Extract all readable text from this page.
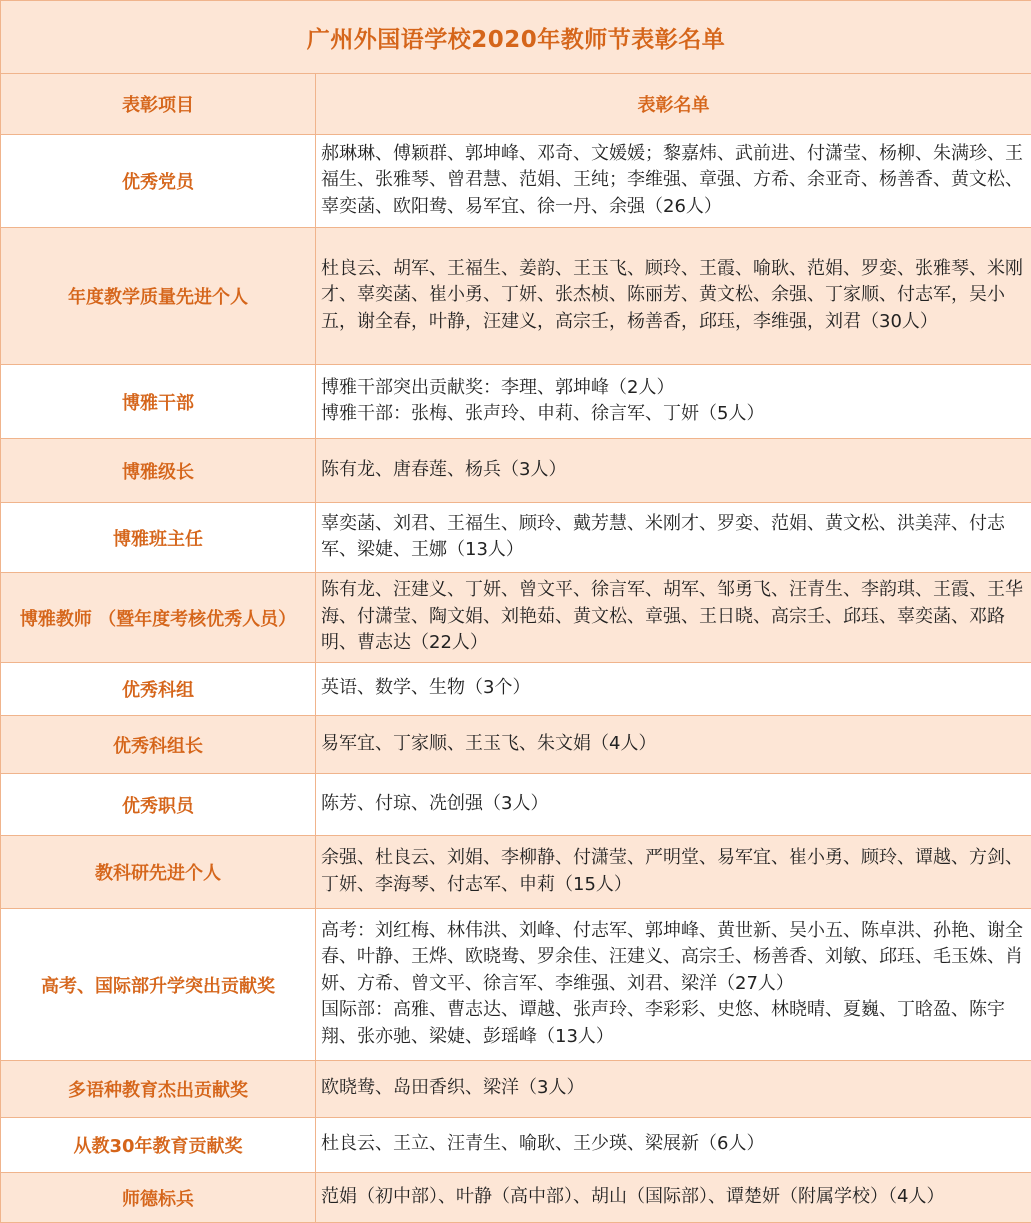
广州外国语学校2020年教师节表彰名单	
表彰项目	表彰名单
优秀党员	郝琳琳、傅颖群、郭坤峰、邓奇、文媛媛；黎嘉炜、武前进、付潇莹、杨柳、朱满珍、王福生、张雅琴、曾君慧、范娟、王纯；李维强、章强、方希、余亚奇、杨善香、黄文松、辜奕菡、欧阳鸯、易军宜、徐一丹、余强（26人）

年度教学质量先进个人	杜良云、胡军、王福生、姜韵、王玉飞、顾玲、王霞、喻耿、范娟、罗娈、张雅琴、米刚才、辜奕菡、崔小勇、丁妍、张杰桢、陈丽芳、黄文松、余强、丁家顺、付志军，吴小五，谢全春，叶静，汪建义，高宗壬，杨善香，邱珏，李维强，刘君（30人）

博雅干部	博雅干部突出贡献奖：李理、郭坤峰（2人）
博雅干部：张梅、张声玲、申莉、徐言军、丁妍（5人）

博雅级长	陈有龙、唐春莲、杨兵（3人）

博雅班主任	辜奕菡、刘君、王福生、顾玲、戴芳慧、米刚才、罗娈、范娟、黄文松、洪美萍、付志军、梁婕、王娜（13人）

博雅教师 （暨年度考核优秀人员）	陈有龙、汪建义、丁妍、曾文平、徐言军、胡军、邹勇飞、汪青生、李韵琪、王霞、王华海、付潇莹、陶文娟、刘艳茹、黄文松、章强、王日晓、高宗壬、邱珏、辜奕菡、邓路明、曹志达（22人）

优秀科组	英语、数学、生物（3个）

优秀科组长	易军宜、丁家顺、王玉飞、朱文娟（4人）

优秀职员	陈芳、付琼、冼创强（3人）

教科研先进个人	余强、杜良云、刘娟、李柳静、付潇莹、严明堂、易军宜、崔小勇、顾玲、谭越、方剑、丁妍、李海琴、付志军、申莉（15人）

高考、国际部升学突出贡献奖	高考：刘红梅、林伟洪、刘峰、付志军、郭坤峰、黄世新、吴小五、陈卓洪、孙艳、谢全春、叶静、王烨、欧晓鸯、罗余佳、汪建义、高宗壬、杨善香、刘敏、邱珏、毛玉姝、肖妍、方希、曾文平、徐言军、李维强、刘君、梁洋（27人）
国际部：高雅、曹志达、谭越、张声玲、李彩彩、史悠、林晓晴、夏巍、丁晗盈、陈宇翔、张亦驰、梁婕、彭瑶峰（13人）

多语种教育杰出贡献奖	欧晓鸯、岛田香织、梁洋（3人）

从教30年教育贡献奖	杜良云、王立、汪青生、喻耿、王少瑛、梁展新（6人）

师德标兵	范娟（初中部）、叶静（高中部）、胡山（国际部）、谭楚妍（附属学校）（4人）
